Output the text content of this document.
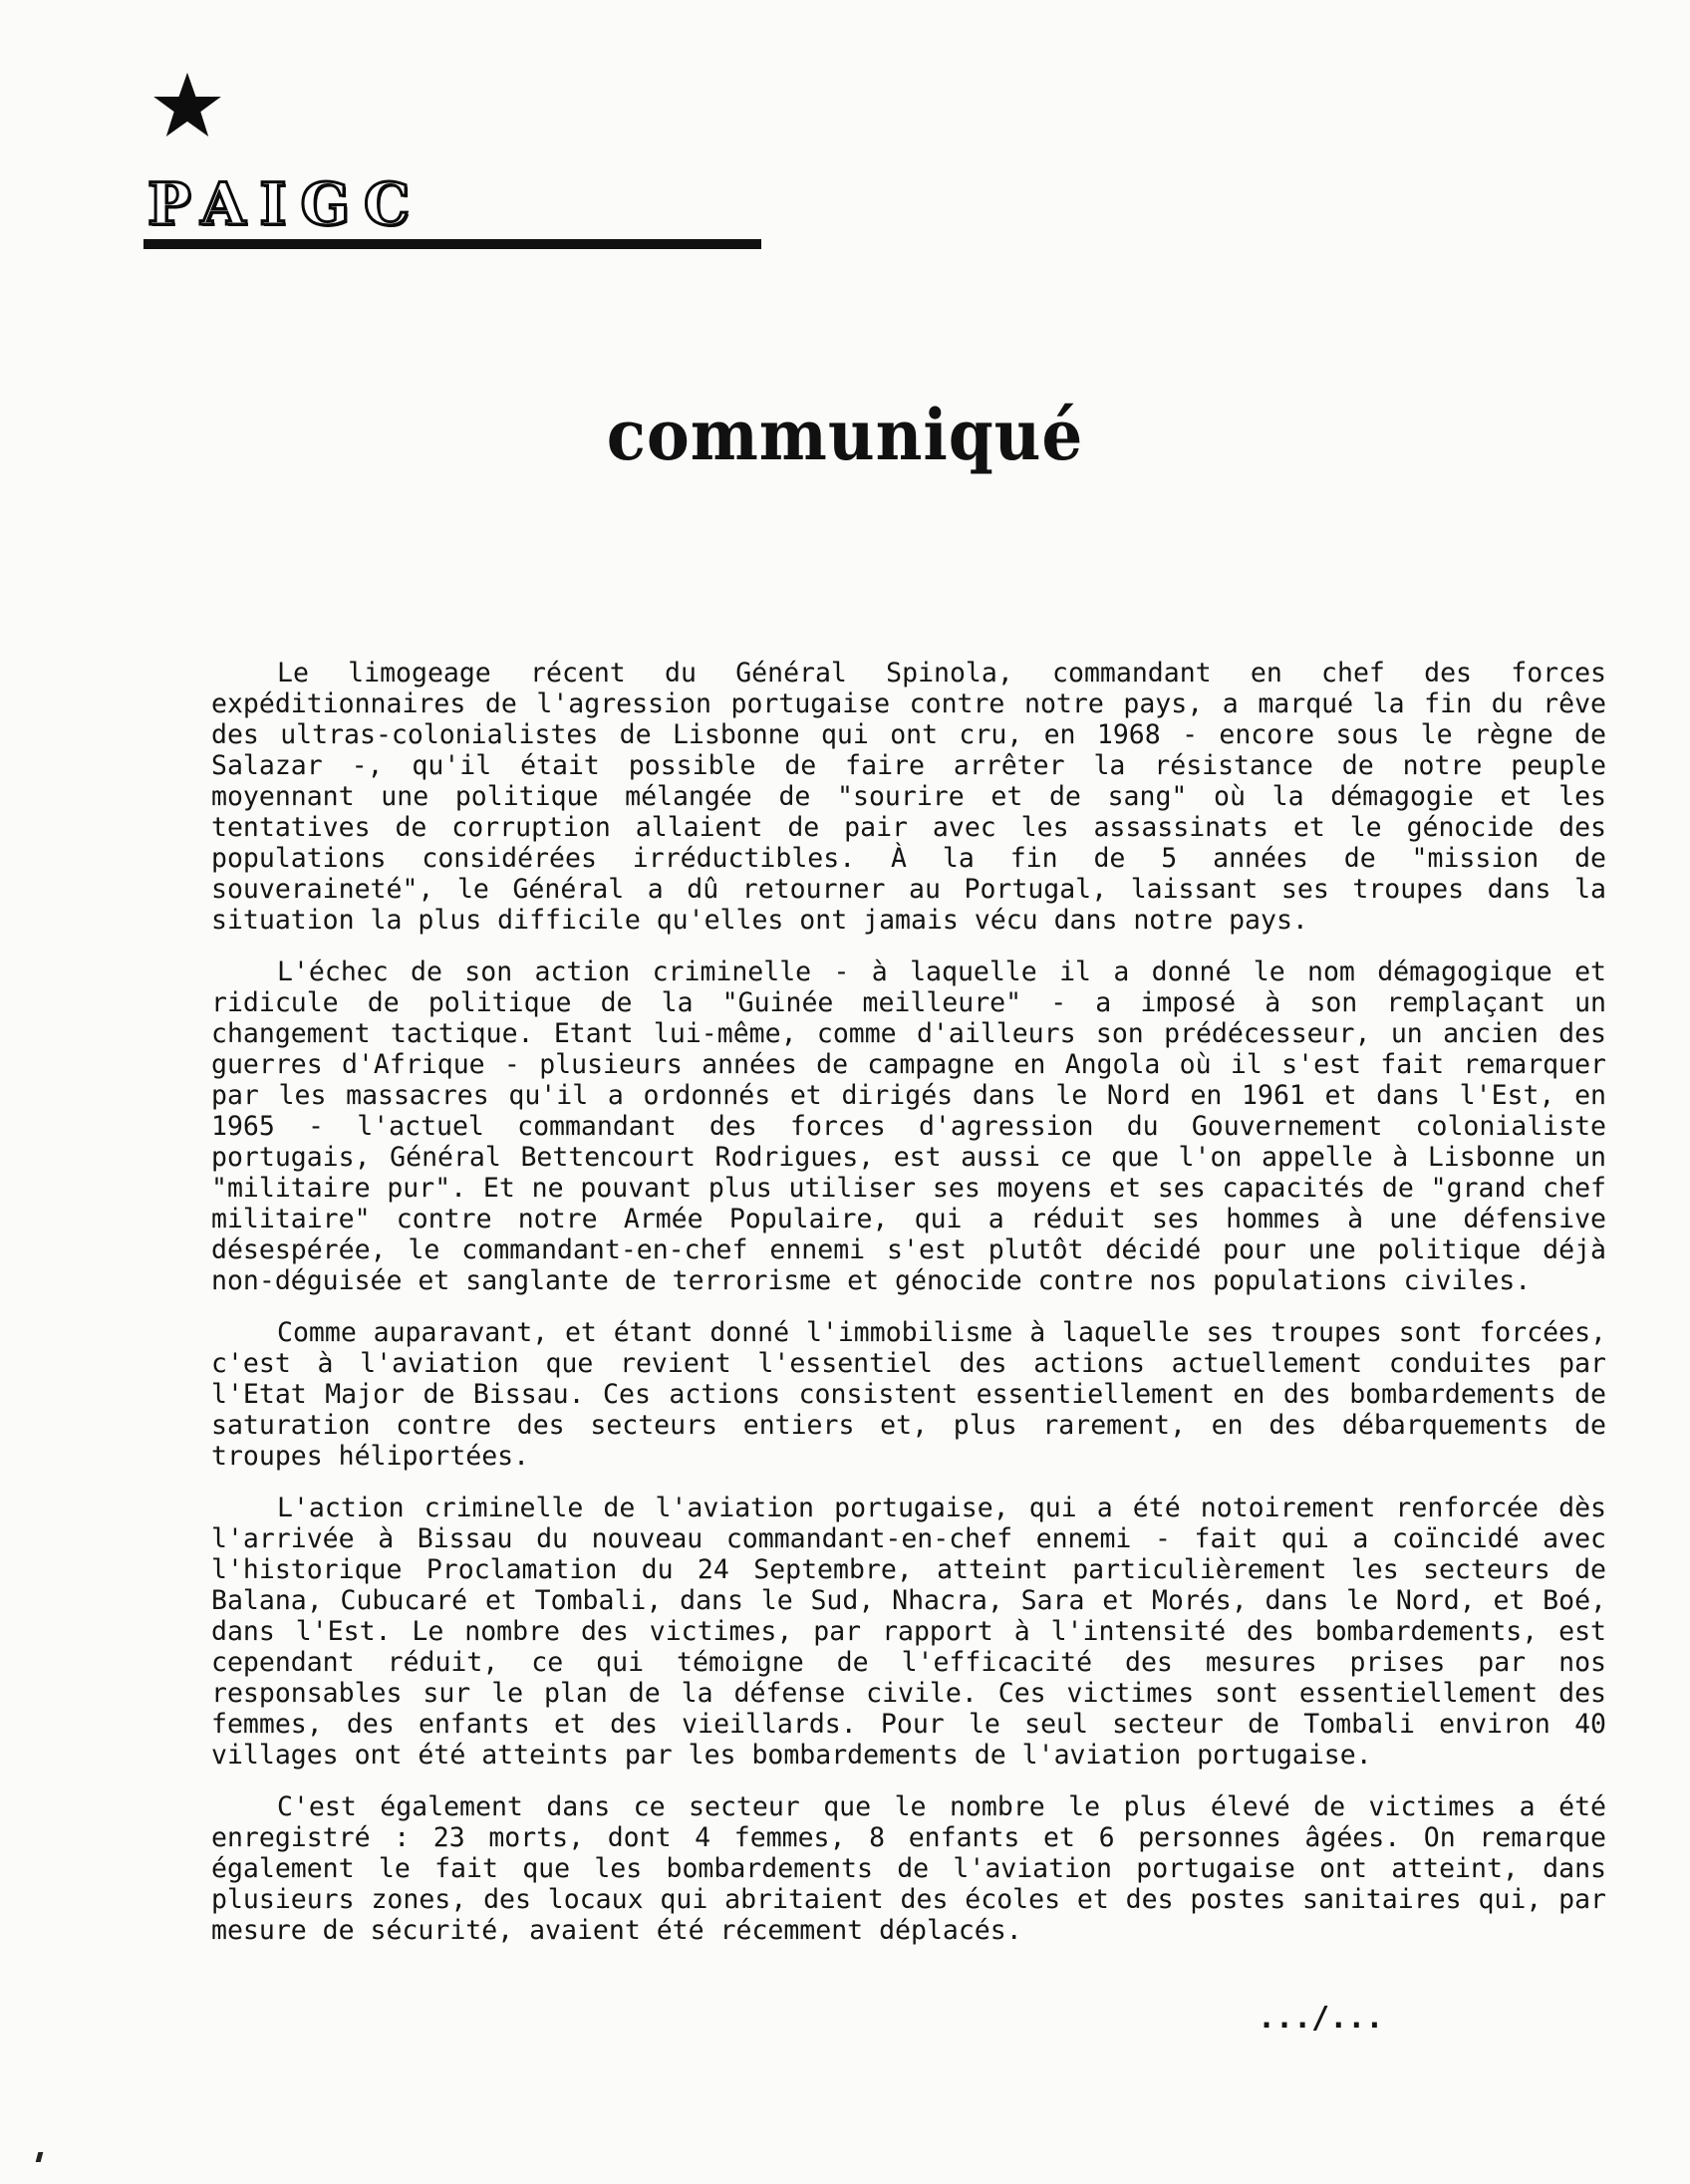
PAIGC
communiqué

Le limogeage récent du Général Spinola, commandant en chef des forces expéditionnaires de l'agression portugaise contre notre pays, a marqué la fin du rêve des ultras-colonialistes de Lisbonne qui ont cru, en 1968 - encore sous le règne de Salazar -, qu'il était possible de faire arrêter la résistance de notre peuple moyennant une politique mélangée de "sourire et de sang" où la démagogie et les tentatives de corruption allaient de pair avec les assassinats et le génocide des populations considérées irréductibles. À la fin de 5 années de "mission de souveraineté", le Général a dû retourner au Portugal, laissant ses troupes dans la situation la plus difficile qu'elles ont jamais vécu dans notre pays.

L'échec de son action criminelle - à laquelle il a donné le nom démagogique et ridicule de politique de la "Guinée meilleure" - a imposé à son remplaçant un changement tactique. Etant lui-même, comme d'ailleurs son prédécesseur, un ancien des guerres d'Afrique - plusieurs années de campagne en Angola où il s'est fait remarquer par les massacres qu'il a ordonnés et dirigés dans le Nord en 1961 et dans l'Est, en 1965 - l'actuel commandant des forces d'agression du Gouvernement colonialiste portugais, Général Bettencourt Rodrigues, est aussi ce que l'on appelle à Lisbonne un "militaire pur". Et ne pouvant plus utiliser ses moyens et ses capacités de "grand chef militaire" contre notre Armée Populaire, qui a réduit ses hommes à une défensive désespérée, le commandant-en-chef ennemi s'est plutôt décidé pour une politique déjà non-déguisée et sanglante de terrorisme et génocide contre nos populations civiles.

Comme auparavant, et étant donné l'immobilisme à laquelle ses troupes sont forcées, c'est à l'aviation que revient l'essentiel des actions actuellement conduites par l'Etat Major de Bissau. Ces actions consistent essentiellement en des bombardements de saturation contre des secteurs entiers et, plus rarement, en des débarquements de troupes héliportées.

L'action criminelle de l'aviation portugaise, qui a été notoirement renforcée dès l'arrivée à Bissau du nouveau commandant-en-chef ennemi - fait qui a coïncidé avec l'historique Proclamation du 24 Septembre, atteint particulièrement les secteurs de Balana, Cubucaré et Tombali, dans le Sud, Nhacra, Sara et Morés, dans le Nord, et Boé, dans l'Est. Le nombre des victimes, par rapport à l'intensité des bombardements, est cependant réduit, ce qui témoigne de l'efficacité des mesures prises par nos responsables sur le plan de la défense civile. Ces victimes sont essentiellement des femmes, des enfants et des vieillards. Pour le seul secteur de Tombali environ 40 villages ont été atteints par les bombardements de l'aviation portugaise.

C'est également dans ce secteur que le nombre le plus élevé de victimes a été enregistré : 23 morts, dont 4 femmes, 8 enfants et 6 personnes âgées. On remarque également le fait que les bombardements de l'aviation portugaise ont atteint, dans plusieurs zones, des locaux qui abritaient des écoles et des postes sanitaires qui, par mesure de sécurité, avaient été récemment déplacés.

.../...
